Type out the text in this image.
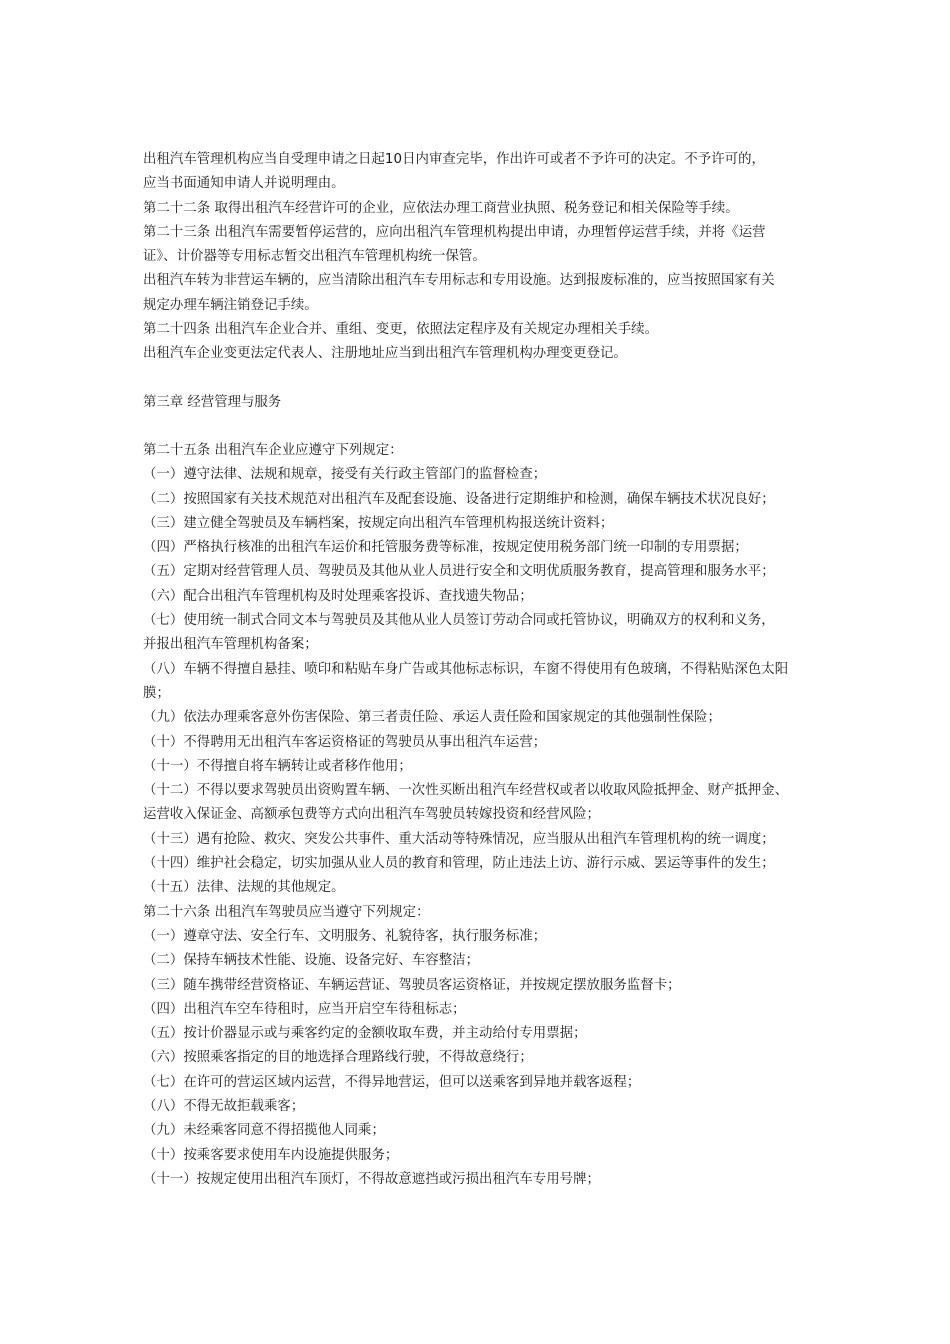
出租汽车管理机构应当自受理申请之日起10日内审查完毕，作出许可或者不予许可的决定。不予许可的，
应当书面通知申请人并说明理由。
第二十二条 取得出租汽车经营许可的企业，应依法办理工商营业执照、税务登记和相关保险等手续。
第二十三条 出租汽车需要暂停运营的，应向出租汽车管理机构提出申请，办理暂停运营手续，并将《运营
证》、计价器等专用标志暂交出租汽车管理机构统一保管。
出租汽车转为非营运车辆的，应当清除出租汽车专用标志和专用设施。达到报废标准的，应当按照国家有关
规定办理车辆注销登记手续。
第二十四条 出租汽车企业合并、重组、变更，依照法定程序及有关规定办理相关手续。
出租汽车企业变更法定代表人、注册地址应当到出租汽车管理机构办理变更登记。
第三章 经营管理与服务
第二十五条 出租汽车企业应遵守下列规定：
（一）遵守法律、法规和规章，接受有关行政主管部门的监督检查；
（二）按照国家有关技术规范对出租汽车及配套设施、设备进行定期维护和检测，确保车辆技术状况良好；
（三）建立健全驾驶员及车辆档案，按规定向出租汽车管理机构报送统计资料；
（四）严格执行核准的出租汽车运价和托管服务费等标准，按规定使用税务部门统一印制的专用票据；
（五）定期对经营管理人员、驾驶员及其他从业人员进行安全和文明优质服务教育，提高管理和服务水平；
（六）配合出租汽车管理机构及时处理乘客投诉、查找遗失物品；
（七）使用统一制式合同文本与驾驶员及其他从业人员签订劳动合同或托管协议，明确双方的权利和义务，
并报出租汽车管理机构备案；
（八）车辆不得擅自悬挂、喷印和粘贴车身广告或其他标志标识，车窗不得使用有色玻璃，不得粘贴深色太阳
膜；
（九）依法办理乘客意外伤害保险、第三者责任险、承运人责任险和国家规定的其他强制性保险；
（十）不得聘用无出租汽车客运资格证的驾驶员从事出租汽车运营；
（十一）不得擅自将车辆转让或者移作他用；
（十二）不得以要求驾驶员出资购置车辆、一次性买断出租汽车经营权或者以收取风险抵押金、财产抵押金、
运营收入保证金、高额承包费等方式向出租汽车驾驶员转嫁投资和经营风险；
（十三）遇有抢险、救灾、突发公共事件、重大活动等特殊情况，应当服从出租汽车管理机构的统一调度；
（十四）维护社会稳定，切实加强从业人员的教育和管理，防止违法上访、游行示威、罢运等事件的发生；
（十五）法律、法规的其他规定。
第二十六条 出租汽车驾驶员应当遵守下列规定：
（一）遵章守法、安全行车、文明服务、礼貌待客，执行服务标准；
（二）保持车辆技术性能、设施、设备完好、车容整洁；
（三）随车携带经营资格证、车辆运营证、驾驶员客运资格证，并按规定摆放服务监督卡；
（四）出租汽车空车待租时，应当开启空车待租标志；
（五）按计价器显示或与乘客约定的金额收取车费，并主动给付专用票据；
（六）按照乘客指定的目的地选择合理路线行驶，不得故意绕行；
（七）在许可的营运区域内运营，不得异地营运，但可以送乘客到异地并载客返程；
（八）不得无故拒载乘客；
（九）未经乘客同意不得招揽他人同乘；
（十）按乘客要求使用车内设施提供服务；
（十一）按规定使用出租汽车顶灯，不得故意遮挡或污损出租汽车专用号牌；
